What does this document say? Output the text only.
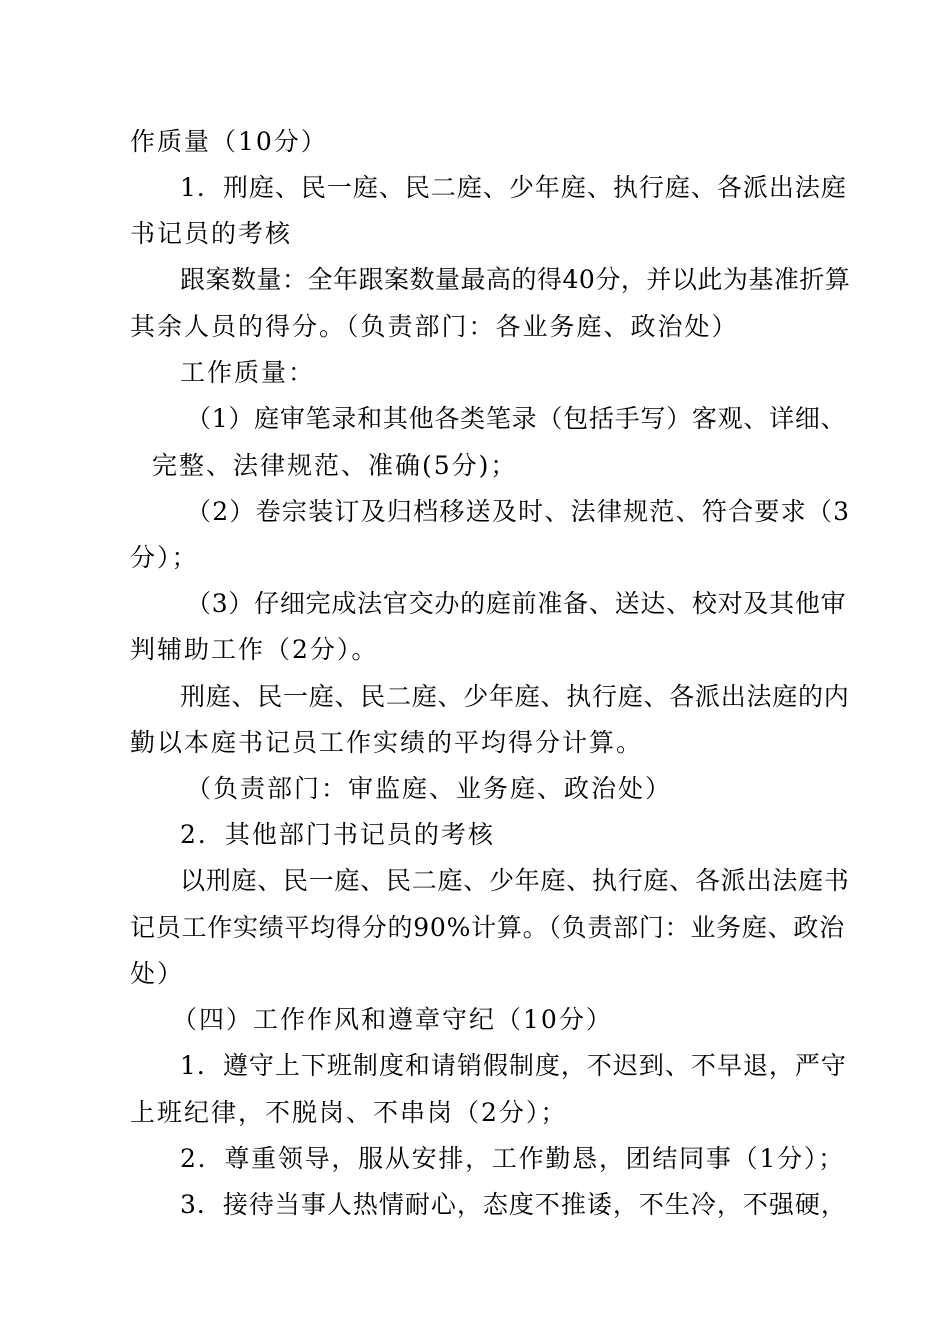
作质量（10分）
1．刑庭、民一庭、民二庭、少年庭、执行庭、各派出法庭
书记员的考核
跟案数量：全年跟案数量最高的得40分，并以此为基准折算
其余人员的得分。（负责部门：各业务庭、政治处）
工作质量：
（1）庭审笔录和其他各类笔录（包括手写）客观、详细、
完整、法律规范、准确(5分)；
（2）卷宗装订及归档移送及时、法律规范、符合要求（3
分）；
（3）仔细完成法官交办的庭前准备、送达、校对及其他审
判辅助工作（2分）。
刑庭、民一庭、民二庭、少年庭、执行庭、各派出法庭的内
勤以本庭书记员工作实绩的平均得分计算。
（负责部门：审监庭、业务庭、政治处）
2．其他部门书记员的考核
以刑庭、民一庭、民二庭、少年庭、执行庭、各派出法庭书
记员工作实绩平均得分的90%计算。（负责部门：业务庭、政治
处）
（四）工作作风和遵章守纪（10分）
1．遵守上下班制度和请销假制度，不迟到、不早退，严守
上班纪律，不脱岗、不串岗（2分）；
2．尊重领导，服从安排，工作勤恳，团结同事（1分）；
3．接待当事人热情耐心，态度不推诿，不生冷，不强硬，
